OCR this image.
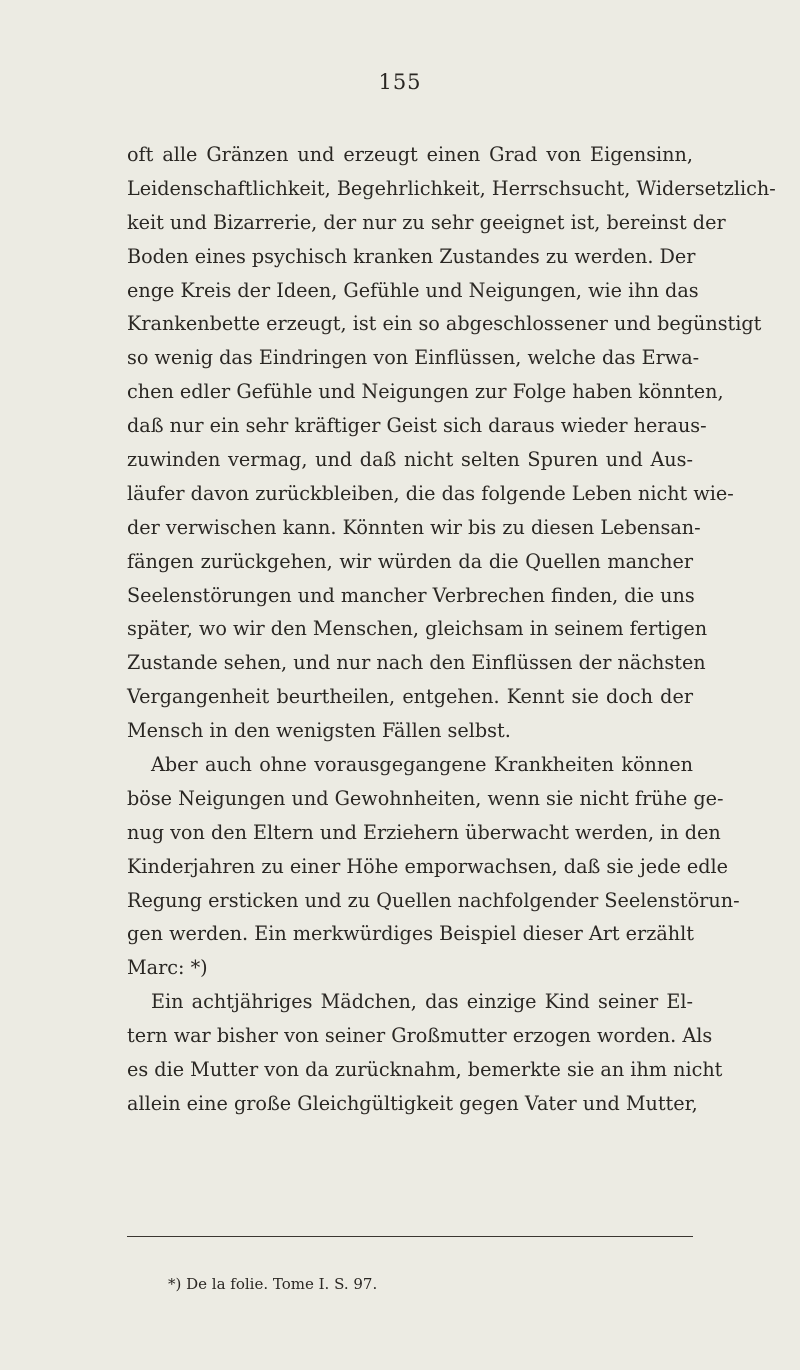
155
oft alle Gränzen und erzeugt einen Grad von Eigensinn,
Leidenschaftlichkeit, Begehrlichkeit, Herrschsucht, Widersetzlich-
keit und Bizarrerie, der nur zu sehr geeignet ist, bereinst der
Boden eines psychisch kranken Zustandes zu werden. Der
enge Kreis der Ideen, Gefühle und Neigungen, wie ihn das
Krankenbette erzeugt, ist ein so abgeschlossener und begünstigt
so wenig das Eindringen von Einflüssen, welche das Erwa-
chen edler Gefühle und Neigungen zur Folge haben könnten,
daß nur ein sehr kräftiger Geist sich daraus wieder heraus-
zuwinden vermag, und daß nicht selten Spuren und Aus-
läufer davon zurückbleiben, die das folgende Leben nicht wie-
der verwischen kann. Könnten wir bis zu diesen Lebensan-
fängen zurückgehen, wir würden da die Quellen mancher
Seelenstörungen und mancher Verbrechen finden, die uns
später, wo wir den Menschen, gleichsam in seinem fertigen
Zustande sehen, und nur nach den Einflüssen der nächsten
Vergangenheit beurtheilen, entgehen. Kennt sie doch der
Mensch in den wenigsten Fällen selbst.
Aber auch ohne vorausgegangene Krankheiten können
böse Neigungen und Gewohnheiten, wenn sie nicht frühe ge-
nug von den Eltern und Erziehern überwacht werden, in den
Kinderjahren zu einer Höhe emporwachsen, daß sie jede edle
Regung ersticken und zu Quellen nachfolgender Seelenstörun-
gen werden. Ein merkwürdiges Beispiel dieser Art erzählt
Marc: *)
Ein achtjähriges Mädchen, das einzige Kind seiner El-
tern war bisher von seiner Großmutter erzogen worden. Als
es die Mutter von da zurücknahm, bemerkte sie an ihm nicht
allein eine große Gleichgültigkeit gegen Vater und Mutter,
*) De la folie. Tome I. S. 97.
